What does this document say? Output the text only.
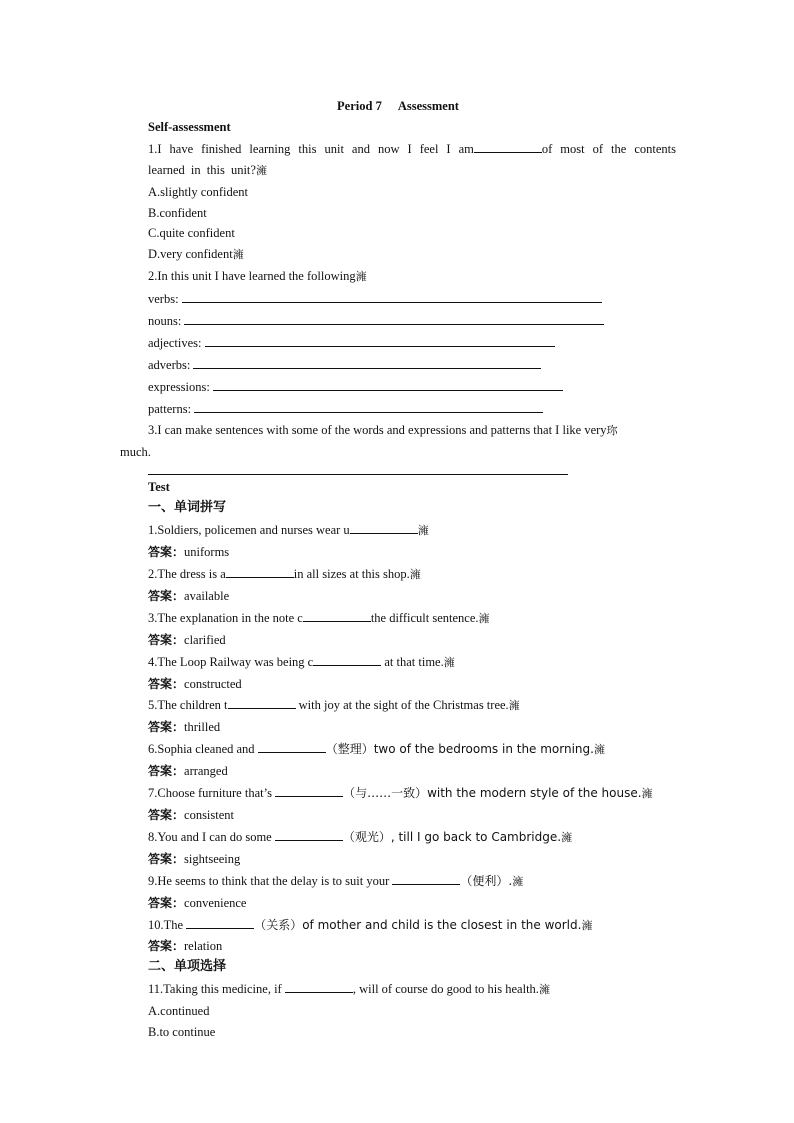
Period 7 Assessment
Self-assessment
1.I have finished learning this unit and now I feel I am	of most of the contents learned in this unit?澭
A.slightly confident
B.confident
C.quite confident
D.very confident澭
2.In this unit I have learned the following澭
verbs:
nouns:
adjectives:
adverbs:
expressions:
patterns:
3.I can make sentences with some of the words and expressions and patterns that I like very珎
much.
Test
一、单词拼写
1.Soldiers, policemen and nurses wear u	澭
答案：uniforms
2.The dress is a	in all sizes at this shop.澭
答案：available
3.The explanation in the note c	the difficult sentence.澭
答案：clarified
4.The Loop Railway was being c	at that time.澭
答案：constructed
5.The children t	with joy at the sight of the Christmas tree.澭
答案：thrilled
6.Sophia cleaned and	（整理）two of the bedrooms in the morning.澭
答案：arranged
7.Choose furniture that’s	（与……一致）with the modern style of the house.澭
答案：consistent
8.You and I can do some	（观光）, till I go back to Cambridge.澭
答案：sightseeing
9.He seems to think that the delay is to suit your	（便利）.澭
答案：convenience
10.The	（关系）of mother and child is the closest in the world.澭
答案：relation
二、单项选择
11.Taking this medicine, if	, will of course do good to his health.澭
A.continued
B.to continue
